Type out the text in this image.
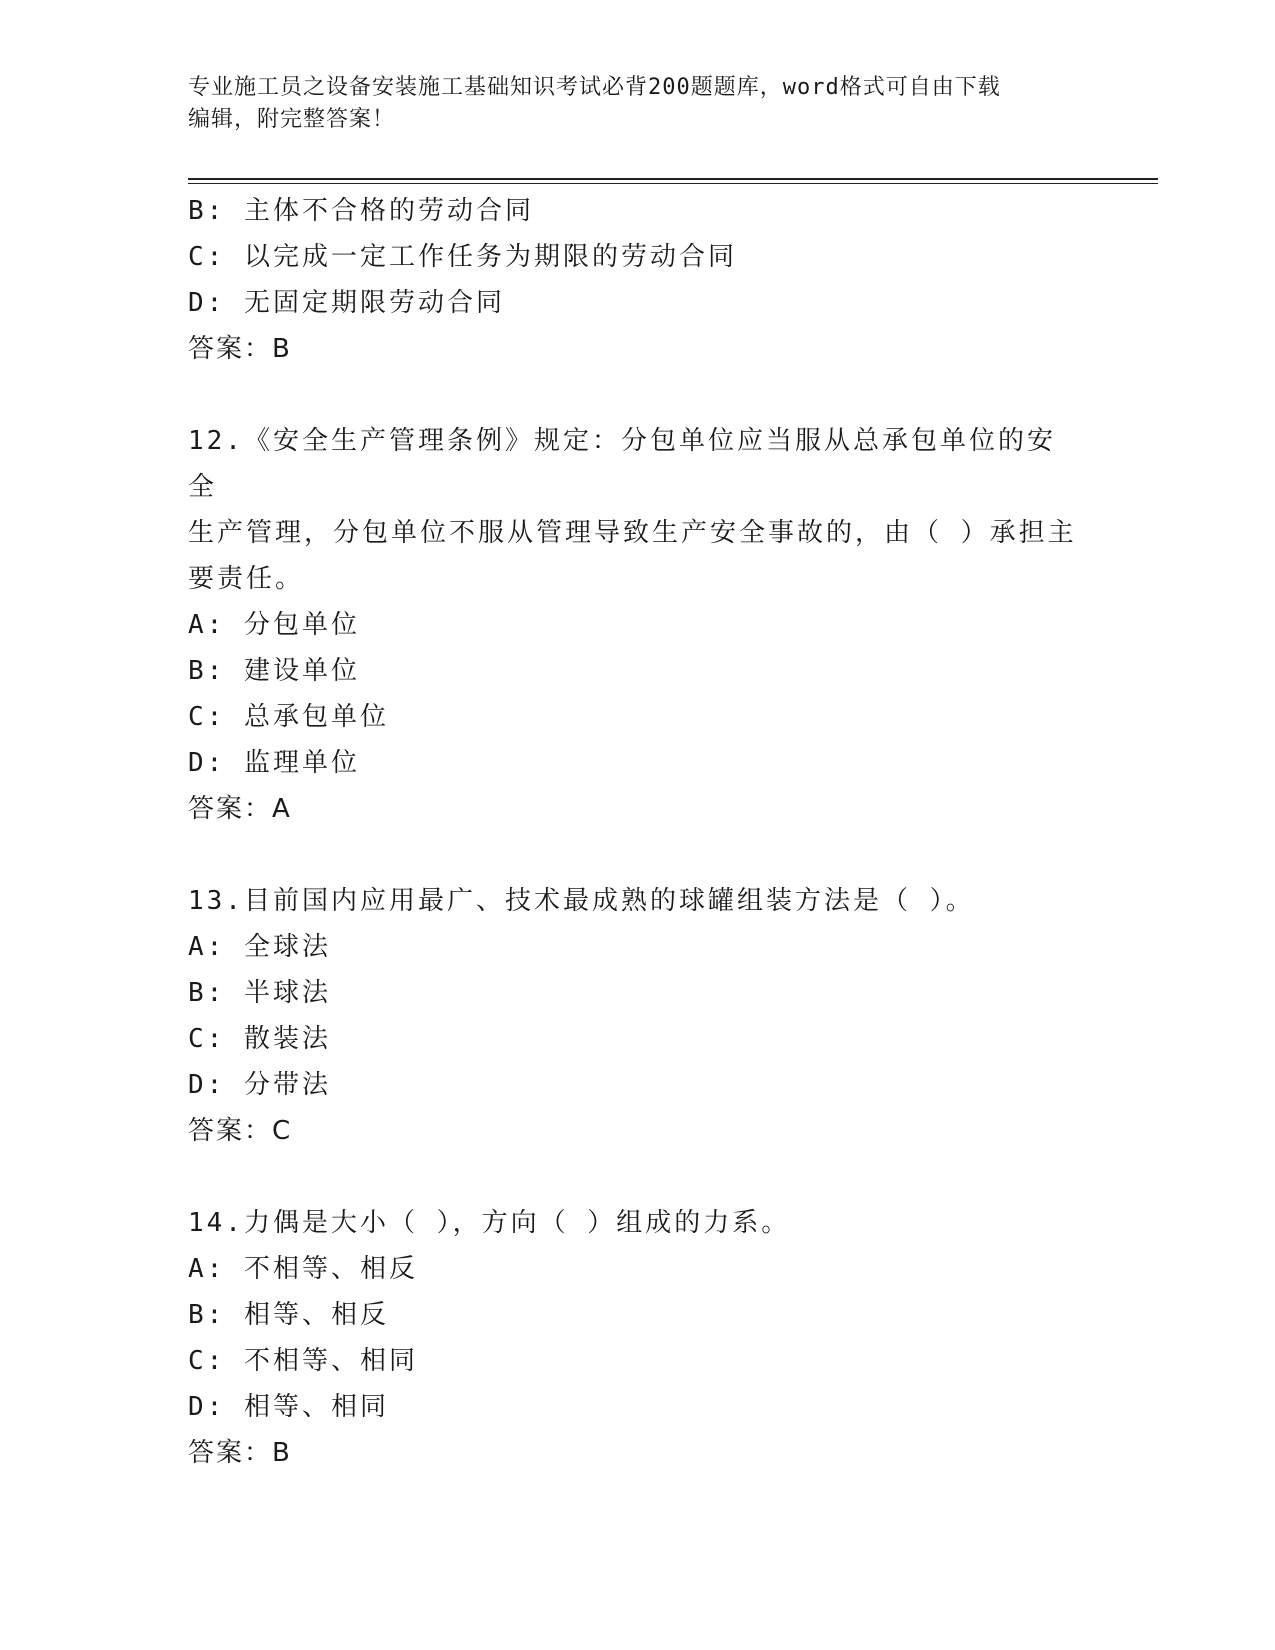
专业施工员之设备安装施工基础知识考试必背200题题库，word格式可自由下载
编辑，附完整答案！
B: 主体不合格的劳动合同
C: 以完成一定工作任务为期限的劳动合同
D: 无固定期限劳动合同
答案：B
12.《安全生产管理条例》规定：分包单位应当服从总承包单位的安全
生产管理，分包单位不服从管理导致生产安全事故的，由（ ）承担主
要责任。
A: 分包单位
B: 建设单位
C: 总承包单位
D: 监理单位
答案：A
13.目前国内应用最广、技术最成熟的球罐组装方法是（ ）。
A: 全球法
B: 半球法
C: 散装法
D: 分带法
答案：C
14.力偶是大小（ ），方向（ ）组成的力系。
A: 不相等、相反
B: 相等、相反
C: 不相等、相同
D: 相等、相同
答案：B
